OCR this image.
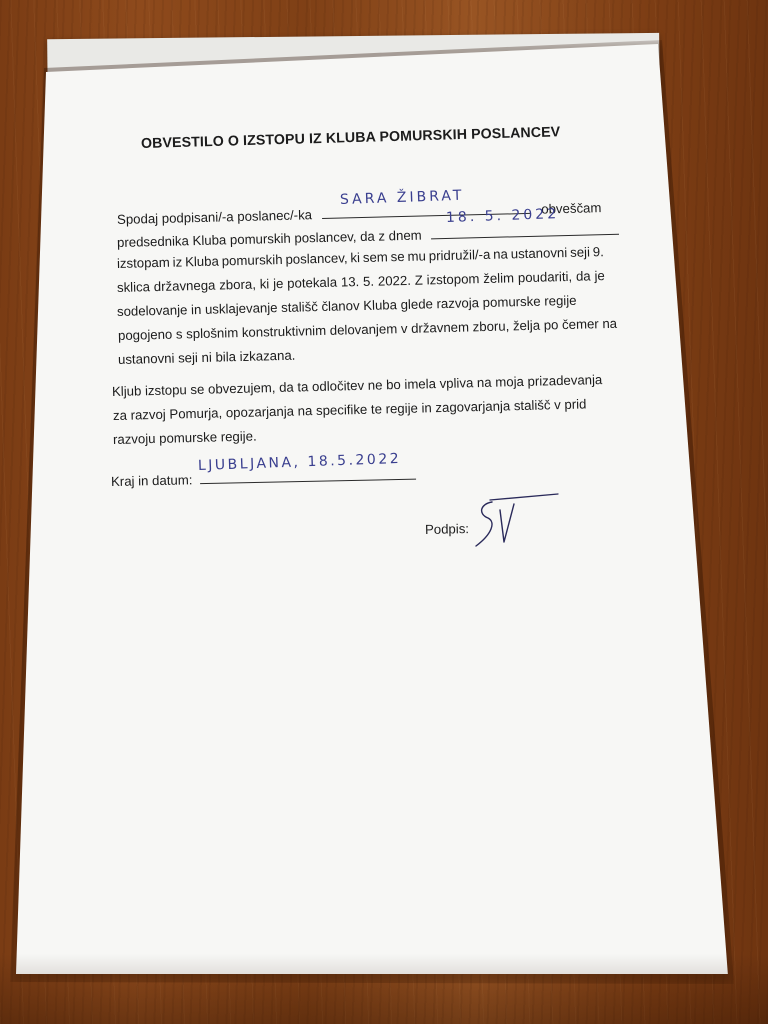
OBVESTILO O IZSTOPU IZ KLUBA POMURSKIH POSLANCEV
Spodaj podpisani/-a poslanec/-ka	obveščam
SARA ŽIBRAT
predsednika Kluba pomurskih poslancev, da z dnem
18. 5. 2022
izstopam iz Kluba pomurskih poslancev, ki sem se mu pridružil/-a na ustanovni seji 9.
sklica državnega zbora, ki je potekala 13. 5. 2022. Z izstopom želim poudariti, da je
sodelovanje in usklajevanje stališč članov Kluba glede razvoja pomurske regije
pogojeno s splošnim konstruktivnim delovanjem v državnem zboru, želja po čemer na
ustanovni seji ni bila izkazana.
Kljub izstopu se obvezujem, da ta odločitev ne bo imela vpliva na moja prizadevanja
za razvoj Pomurja, opozarjanja na specifike te regije in zagovarjanja stališč v prid
razvoju pomurske regije.
Kraj in datum:
LJUBLJANA, 18.5.2022
Podpis:
